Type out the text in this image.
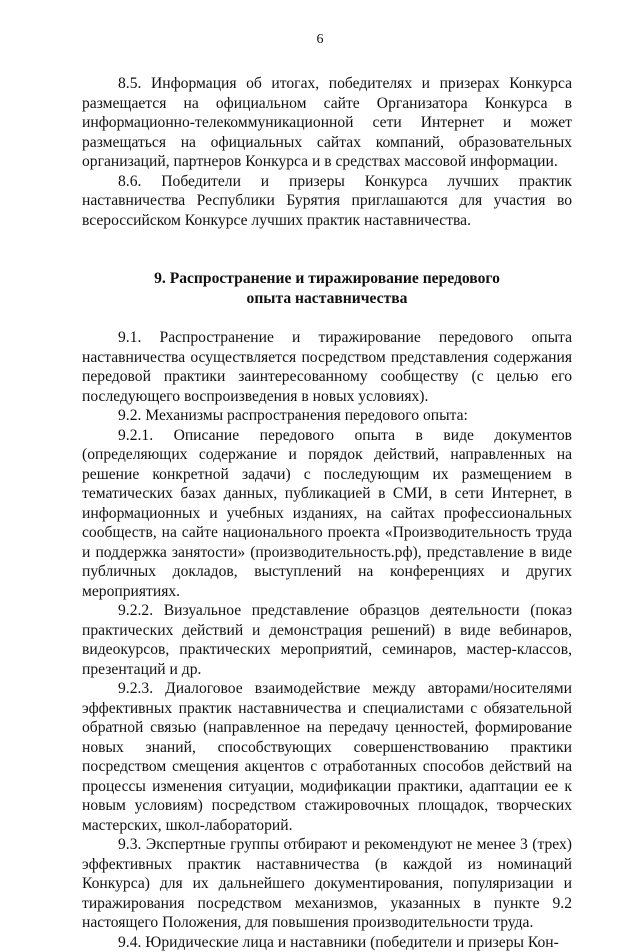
6

8.5. Информация об итогах, победителях и призерах Конкурса размещается на официальном сайте Организатора Конкурса в информационно-телекоммуникационной сети Интернет и может размещаться на официальных сайтах компаний, образовательных организаций, партнеров Конкурса и в средствах массовой информации.

8.6. Победители и призеры Конкурса лучших практик наставничества Республики Бурятия приглашаются для участия во всероссийском Конкурсе лучших практик наставничества.

9. Распространение и тиражирование передового
опыта наставничества

9.1. Распространение и тиражирование передового опыта наставничества осуществляется посредством представления содержания передовой практики заинтересованному сообществу (с целью его последующего воспроизведения в новых условиях).

9.2. Механизмы распространения передового опыта:

9.2.1. Описание передового опыта в виде документов (определяющих содержание и порядок действий, направленных на решение конкретной задачи) с последующим их размещением в тематических базах данных, публикацией в СМИ, в сети Интернет, в информационных и учебных изданиях, на сайтах профессиональных сообществ, на сайте национального проекта «Производительность труда и поддержка занятости» (производительность.рф), представление в виде публичных докладов, выступлений на конференциях и других мероприятиях.

9.2.2. Визуальное представление образцов деятельности (показ практических действий и демонстрация решений) в виде вебинаров, видеокурсов, практических мероприятий, семинаров, мастер-классов, презентаций и др.

9.2.3. Диалоговое взаимодействие между авторами/носителями эффективных практик наставничества и специалистами с обязательной обратной связью (направленное на передачу ценностей, формирование новых знаний, способствующих совершенствованию практики посредством смещения акцентов с отработанных способов действий на процессы изменения ситуации, модификации практики, адаптации ее к новым условиям) посредством стажировочных площадок, творческих мастерских, школ-лабораторий.

9.3. Экспертные группы отбирают и рекомендуют не менее 3 (трех) эффективных практик наставничества (в каждой из номинаций Конкурса) для их дальнейшего документирования, популяризации и тиражирования посредством механизмов, указанных в пункте 9.2 настоящего Положения, для повышения производительности труда.

9.4. Юридические лица и наставники (победители и призеры Кон-
